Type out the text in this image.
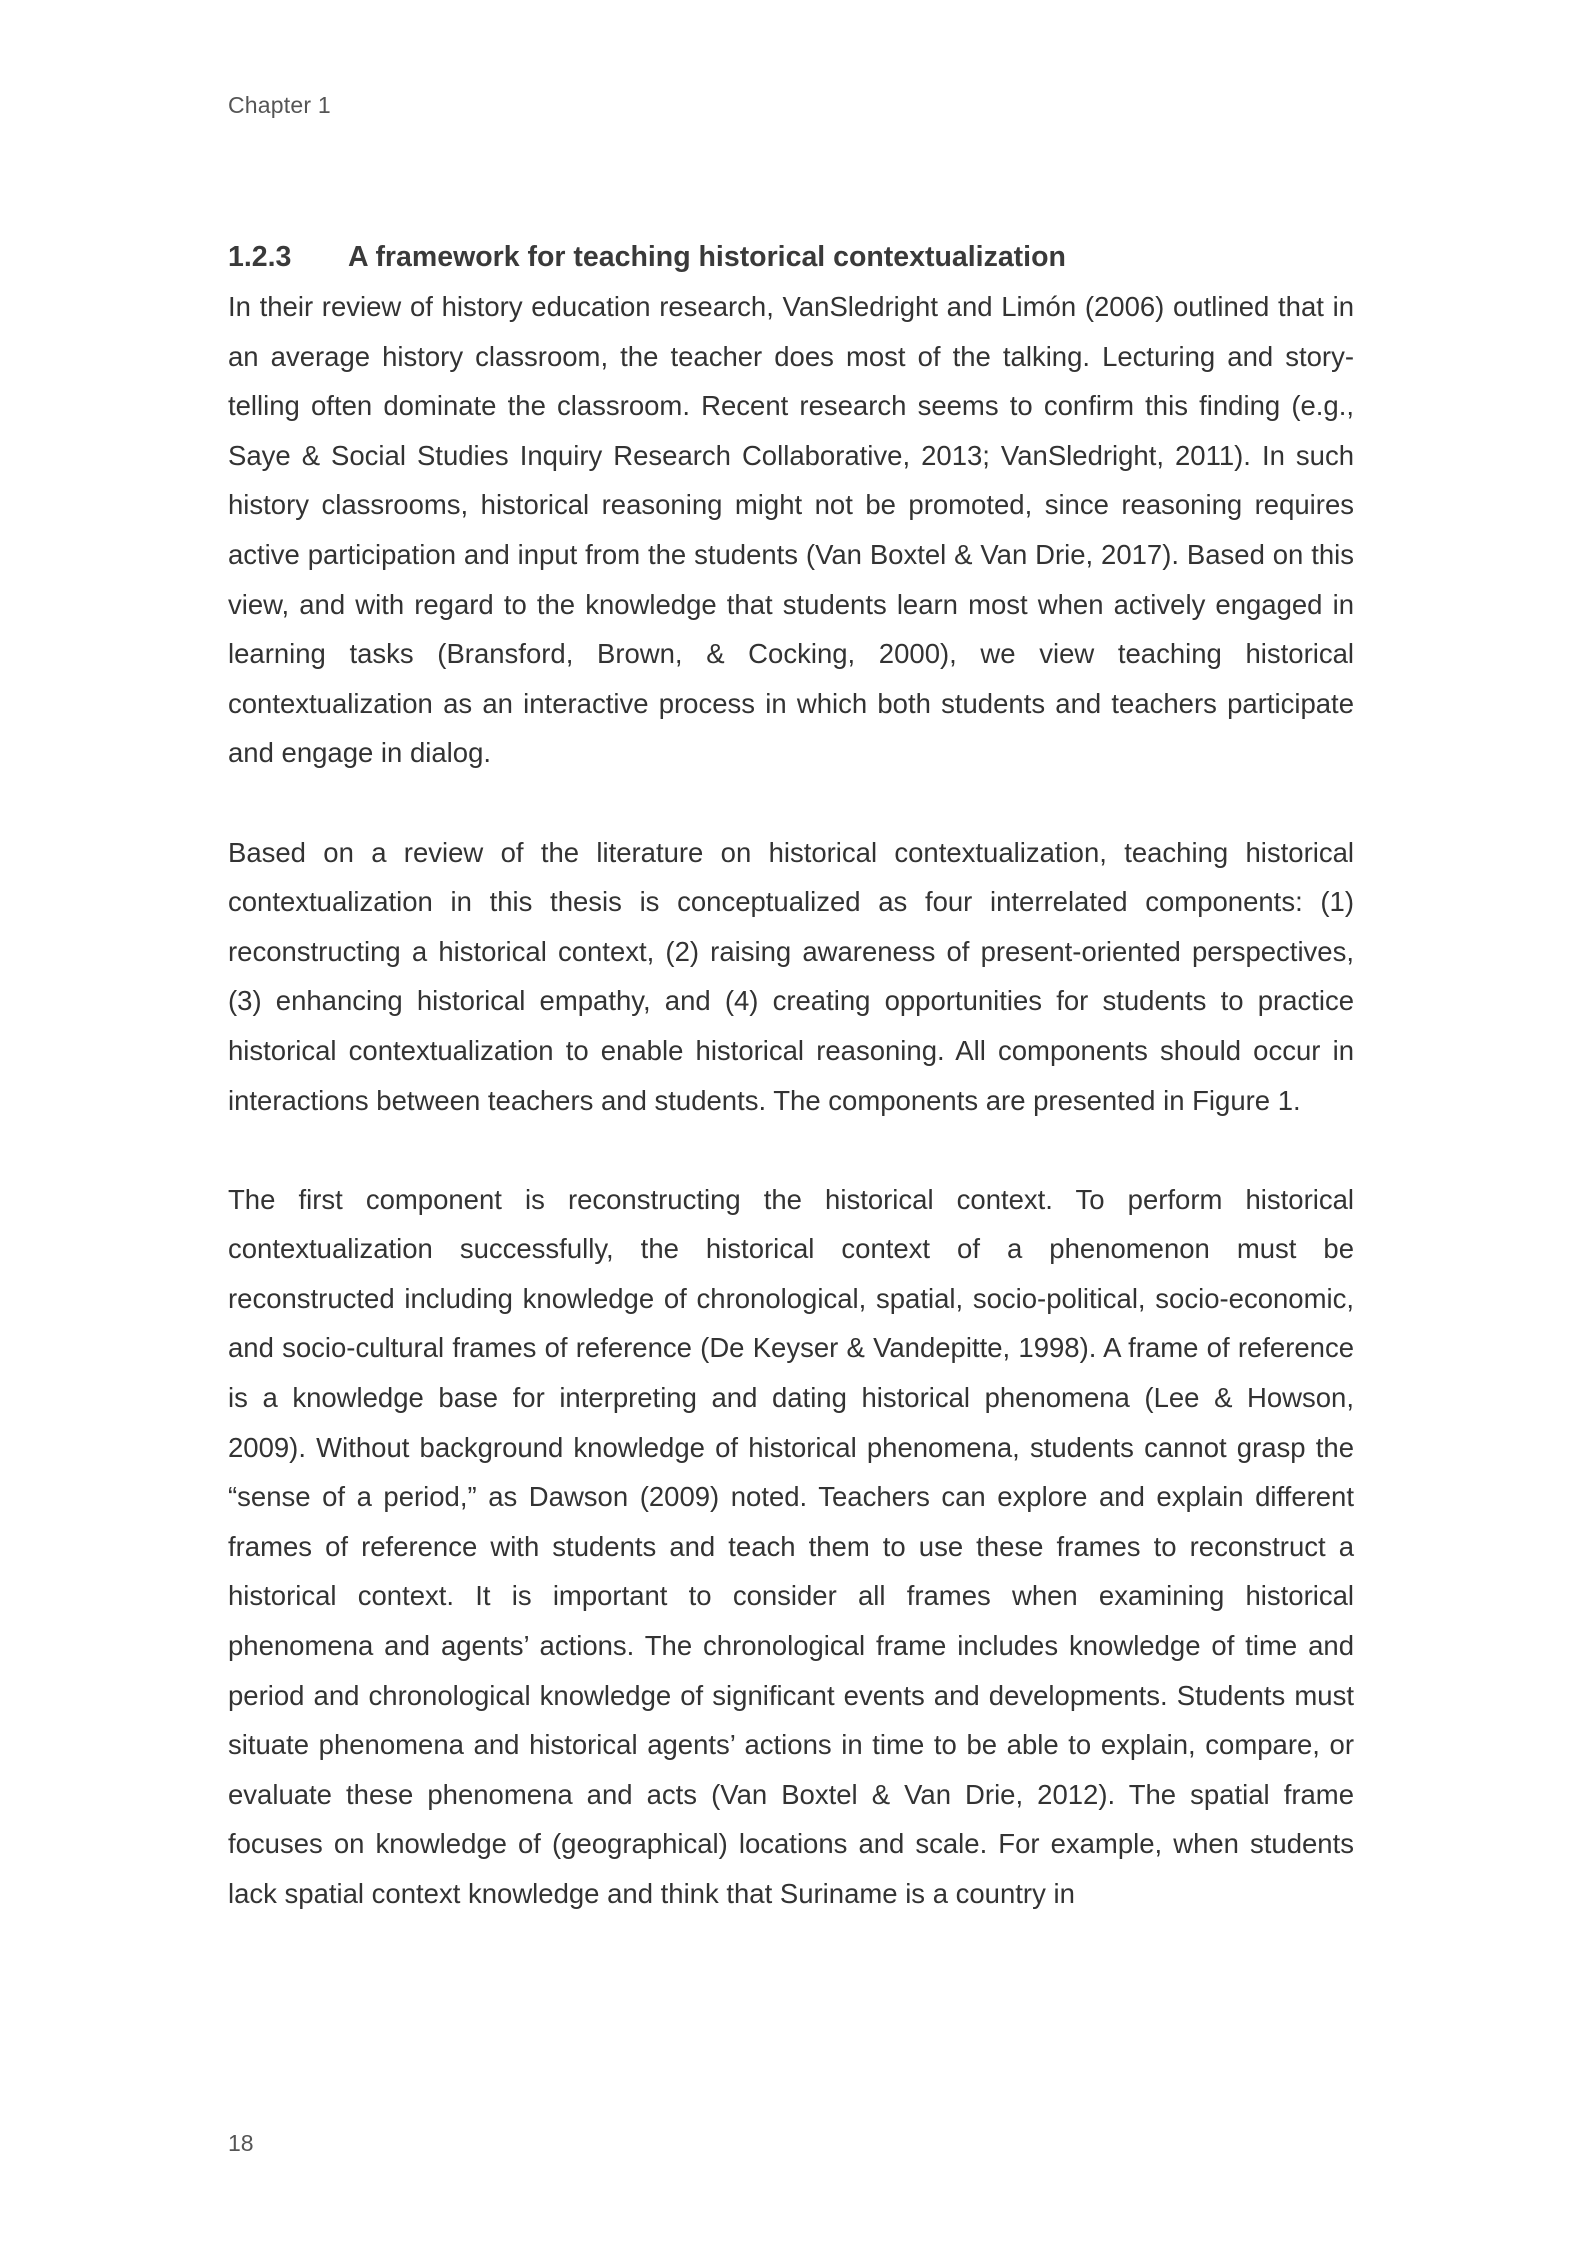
Chapter 1
1.2.3	A framework for teaching historical contextualization

In their review of history education research, VanSledright and Limón (2006) outlined that in an average history classroom, the teacher does most of the talking. Lecturing and story-telling often dominate the classroom. Recent research seems to confirm this finding (e.g., Saye & Social Studies Inquiry Research Collaborative, 2013; VanSledright, 2011). In such history classrooms, historical reasoning might not be promoted, since reasoning requires active participation and input from the students (Van Boxtel & Van Drie, 2017). Based on this view, and with regard to the knowledge that students learn most when actively engaged in learning tasks (Bransford, Brown, & Cocking, 2000), we view teaching historical contextualization as an interactive process in which both students and teachers participate and engage in dialog.

Based on a review of the literature on historical contextualization, teaching historical contextualization in this thesis is conceptualized as four interrelated components: (1) reconstructing a historical context, (2) raising awareness of present-oriented perspectives, (3) enhancing historical empathy, and (4) creating opportunities for students to practice historical contextualization to enable historical reasoning. All components should occur in interactions between teachers and students. The components are presented in Figure 1.

The first component is reconstructing the historical context. To perform historical contextualization successfully, the historical context of a phenomenon must be reconstructed including knowledge of chronological, spatial, socio-political, socio-economic, and socio-cultural frames of reference (De Keyser & Vandepitte, 1998). A frame of reference is a knowledge base for interpreting and dating historical phenomena (Lee & Howson, 2009). Without background knowledge of historical phenomena, students cannot grasp the “sense of a period,” as Dawson (2009) noted. Teachers can explore and explain different frames of reference with students and teach them to use these frames to reconstruct a historical context. It is important to consider all frames when examining historical phenomena and agents’ actions. The chronological frame includes knowledge of time and period and chronological knowledge of significant events and developments. Students must situate phenomena and historical agents’ actions in time to be able to explain, compare, or evaluate these phenomena and acts (Van Boxtel & Van Drie, 2012). The spatial frame focuses on knowledge of (geographical) locations and scale. For example, when students lack spatial context knowledge and think that Suriname is a country in

18
